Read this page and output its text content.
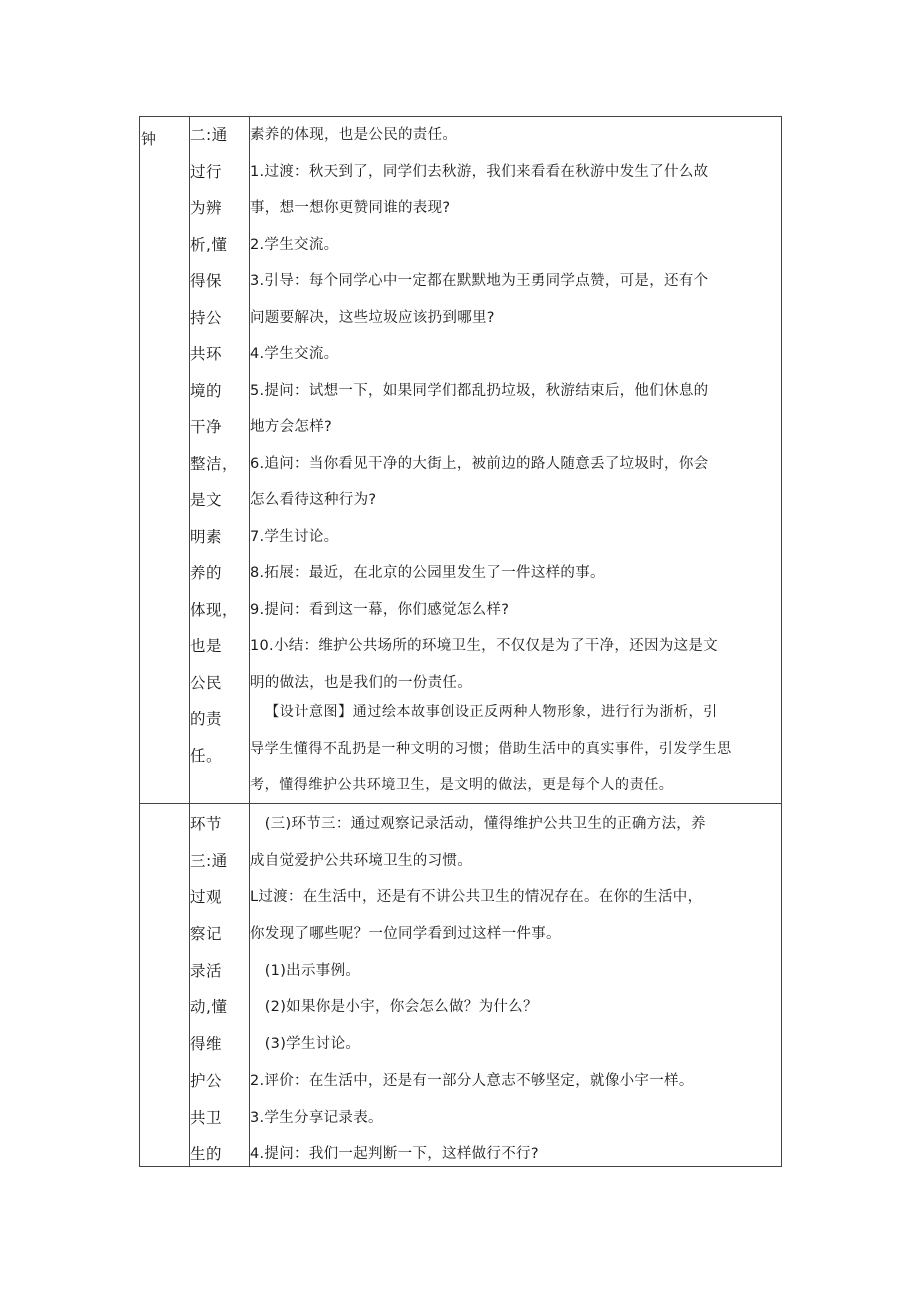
钟	二:通
过行
为辨
析,懂
得保
持公
共环
境的
干净
整洁，
是文
明素
养的
体现，
也是
公民
的责
任。
素养的体现，也是公民的责任。
1.过渡：秋天到了，同学们去秋游，我们来看看在秋游中发生了什么故
事，想一想你更赞同谁的表现?
2.学生交流。
3.引导：每个同学心中一定都在默默地为王勇同学点赞，可是，还有个
问题要解决，这些垃圾应该扔到哪里?
4.学生交流。
5.提问：试想一下，如果同学们都乱扔垃圾，秋游结束后，他们休息的
地方会怎样?
6.追问：当你看见干净的大街上，被前边的路人随意丢了垃圾时，你会
怎么看待这种行为?
7.学生讨论。
8.拓展：最近，在北京的公园里发生了一件这样的事。
9.提问：看到这一幕，你们感觉怎么样?
10.小结：维护公共场所的环境卫生，不仅仅是为了干净，还因为这是文
明的做法，也是我们的一份责任。
【设计意图】通过绘本故事创设正反两种人物形象，进行行为浙析，引
导学生懂得不乱扔是一种文明的习惯；借助生活中的真实事件，引发学生思
考，懂得维护公共环境卫生，是文明的做法，更是每个人的责任。
环节
三:通
过观
察记
录活
动,懂
得维
护公
共卫
生的
(三)环节三：通过观察记录活动，懂得维护公共卫生的正确方法，养
成自觉爱护公共环境卫生的习惯。
L过渡：在生活中，还是有不讲公共卫生的情况存在。在你的生活中，
你发现了哪些呢？一位同学看到过这样一件事。
(1)出示事例。
(2)如果你是小宇，你会怎么做？为什么？
(3)学生讨论。
2.评价：在生活中，还是有一部分人意志不够坚定，就像小宇一样。
3.学生分享记录表。
4.提问：我们一起判断一下，这样做行不行?
